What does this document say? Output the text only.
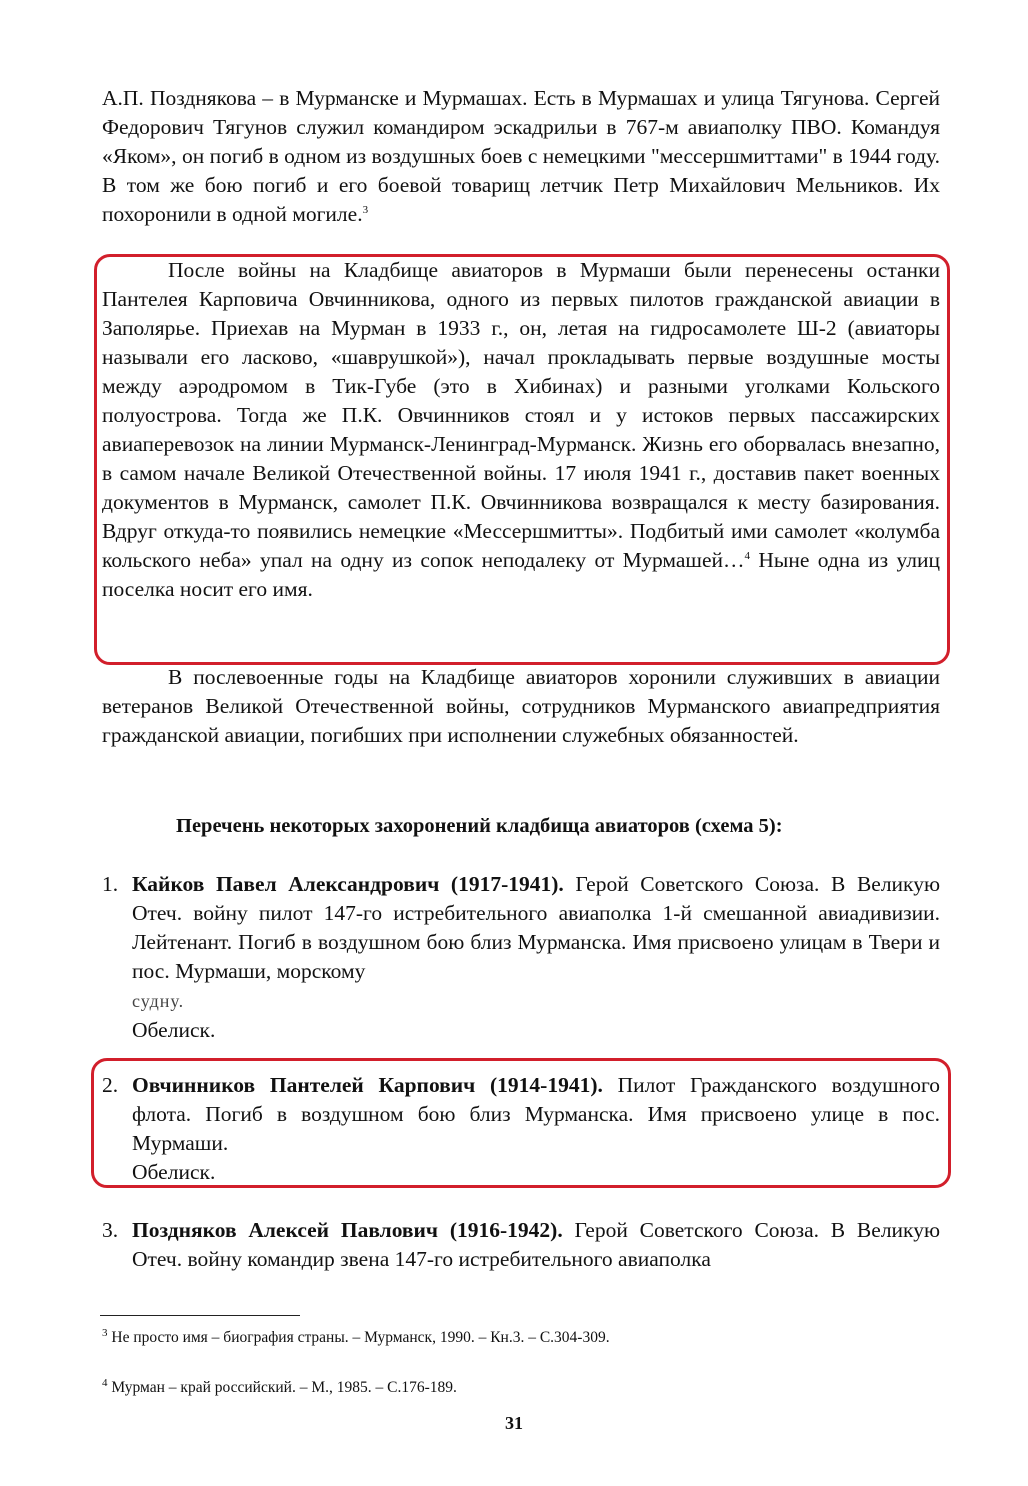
А.П. Позднякова – в Мурманске и Мурмашах. Есть в Мурмашах и улица Тягунова. Сергей Федорович Тягунов служил командиром эскадрильи в 767-м авиаполку ПВО. Командуя «Яком», он погиб в одном из воздушных боев с немецкими "мессершмиттами" в 1944 году. В том же бою погиб и его боевой товарищ летчик Петр Михайлович Мельников. Их похоронили в одной могиле.$^3$
После войны на Кладбище авиаторов в Мурмаши были перенесены останки Пантелея Карповича Овчинникова, одного из первых пилотов гражданской авиации в Заполярье. Приехав на Мурман в 1933 г., он, летая на гидросамолете Ш-2 (авиаторы называли его ласково, «шаврушкой»), начал прокладывать первые воздушные мосты между аэродромом в Тик-Губе (это в Хибинах) и разными уголками Кольского полуострова. Тогда же П.К. Овчинников стоял и у истоков первых пассажирских авиаперевозок на линии Мурманск-Ленинград-Мурманск. Жизнь его оборвалась внезапно, в самом начале Великой Отечественной войны. 17 июля 1941 г., доставив пакет военных документов в Мурманск, самолет П.К. Овчинникова возвращался к месту базирования. Вдруг откуда-то появились немецкие «Мессершмитты». Подбитый ими самолет «колумба кольского неба» упал на одну из сопок неподалеку от Мурмашей…$^4$ Ныне одна из улиц поселка носит его имя.
В послевоенные годы на Кладбище авиаторов хоронили служивших в авиации ветеранов Великой Отечественной войны, сотрудников Мурманского авиапредприятия гражданской авиации, погибших при исполнении служебных обязанностей.
Перечень некоторых захоронений кладбища авиаторов (схема 5):
1. Кайков Павел Александрович (1917-1941). Герой Советского Союза. В Великую Отеч. войну пилот 147-го истребительного авиаполка 1-й смешанной авиадивизии. Лейтенант. Погиб в воздушном бою близ Мурманска. Имя присвоено улицам в Твери и пос. Мурмаши, морскому
судну.
Обелиск.
2. Овчинников Пантелей Карпович (1914-1941). Пилот Гражданского воздушного флота. Погиб в воздушном бою близ Мурманска. Имя присвоено улице в пос. Мурмаши.
Обелиск.
3. Поздняков Алексей Павлович (1916-1942). Герой Советского Союза. В Великую Отеч. войну командир звена 147-го истребительного авиаполка
$^3$ Не просто имя – биография страны. – Мурманск, 1990. – Кн.3. – С.304-309.
$^4$ Мурман – край российский. – М., 1985. – С.176-189.
31
